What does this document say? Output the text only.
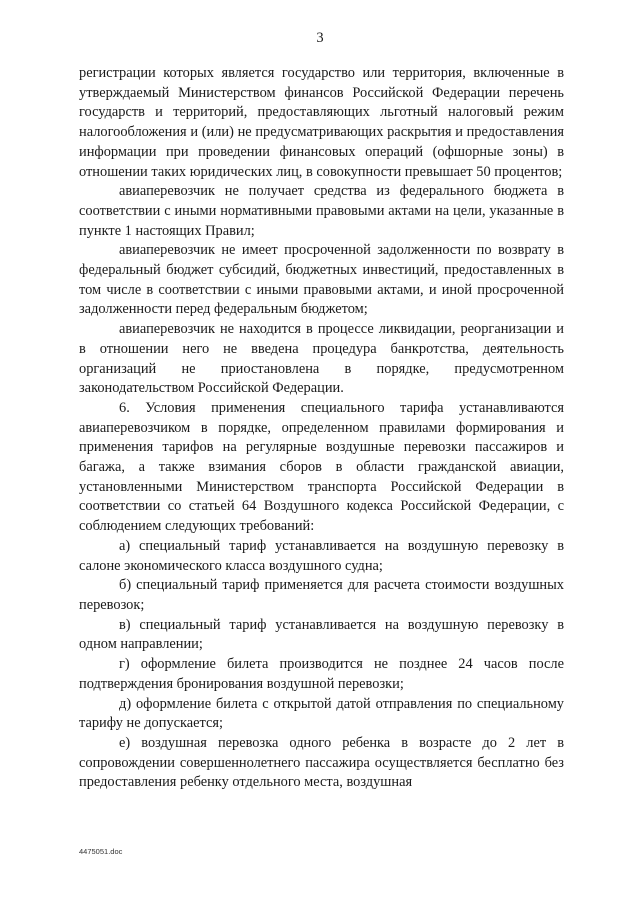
3

регистрации которых является государство или территория, включенные в утверждаемый Министерством финансов Российской Федерации перечень государств и территорий, предоставляющих льготный налоговый режим налогообложения и (или) не предусматривающих раскрытия и предоставления информации при проведении финансовых операций (офшорные зоны) в отношении таких юридических лиц, в совокупности превышает 50 процентов;

авиаперевозчик не получает средства из федерального бюджета в соответствии с иными нормативными правовыми актами на цели, указанные в пункте 1 настоящих Правил;

авиаперевозчик не имеет просроченной задолженности по возврату в федеральный бюджет субсидий, бюджетных инвестиций, предоставленных в том числе в соответствии с иными правовыми актами, и иной просроченной задолженности перед федеральным бюджетом;

авиаперевозчик не находится в процессе ликвидации, реорганизации и в отношении него не введена процедура банкротства, деятельность организаций не приостановлена в порядке, предусмотренном законодательством Российской Федерации.

6. Условия применения специального тарифа устанавливаются авиаперевозчиком в порядке, определенном правилами формирования и применения тарифов на регулярные воздушные перевозки пассажиров и багажа, а также взимания сборов в области гражданской авиации, установленными Министерством транспорта Российской Федерации в соответствии со статьей 64 Воздушного кодекса Российской Федерации, с соблюдением следующих требований:

а) специальный тариф устанавливается на воздушную перевозку в салоне экономического класса воздушного судна;

б) специальный тариф применяется для расчета стоимости воздушных перевозок;

в) специальный тариф устанавливается на воздушную перевозку в одном направлении;

г) оформление билета производится не позднее 24 часов после подтверждения бронирования воздушной перевозки;

д) оформление билета с открытой датой отправления по специальному тарифу не допускается;

е) воздушная перевозка одного ребенка в возрасте до 2 лет в сопровождении совершеннолетнего пассажира осуществляется бесплатно без предоставления ребенку отдельного места, воздушная

4475051.doc
